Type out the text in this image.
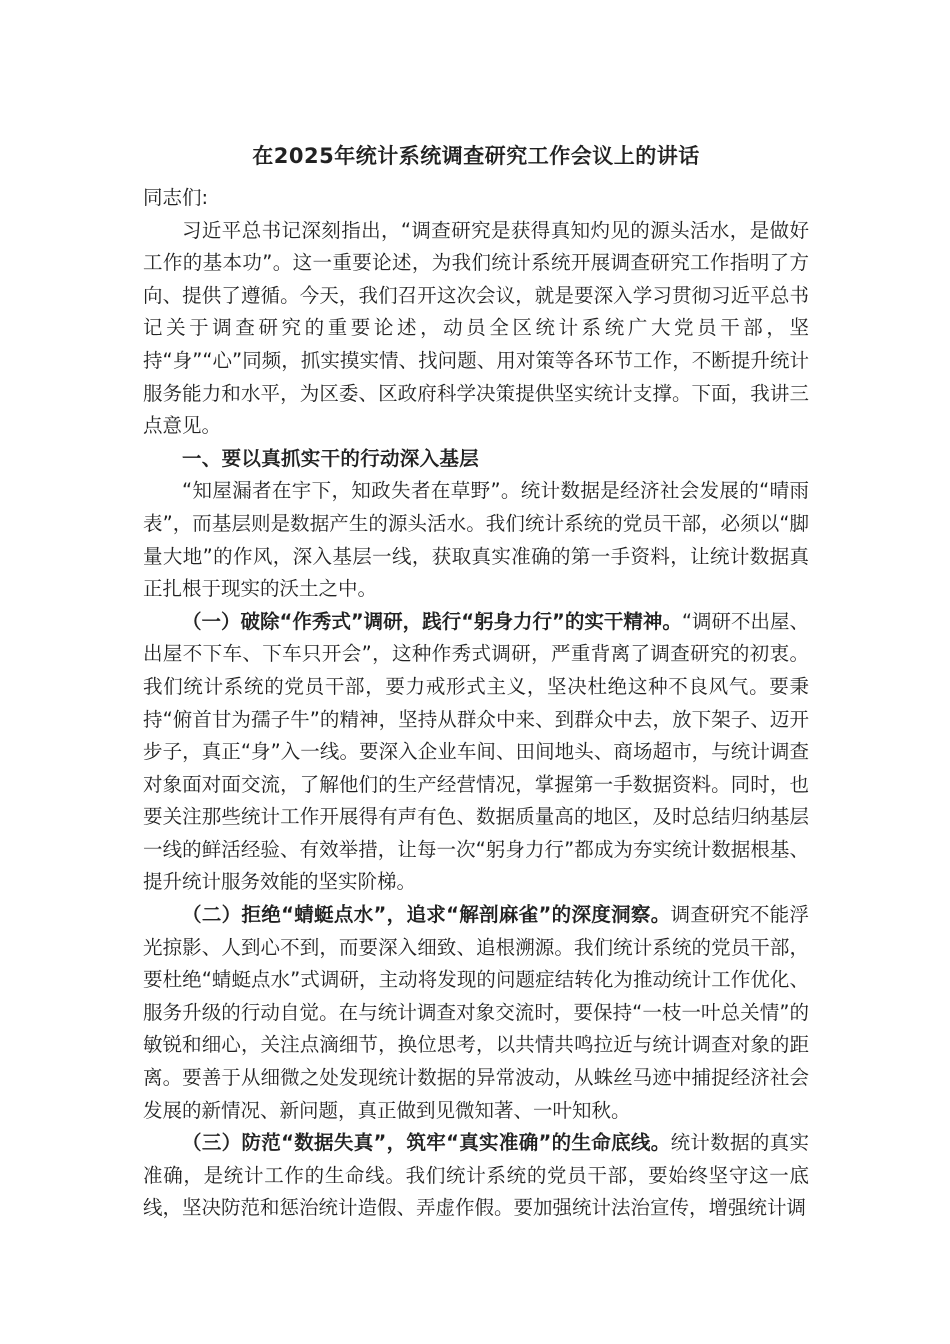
在2025年统计系统调查研究工作会议上的讲话
同志们:

习近平总书记深刻指出，“调查研究是获得真知灼见的源头活水，是做好工作的基本功”。这一重要论述，为我们统计系统开展调查研究工作指明了方向、提供了遵循。今天，我们召开这次会议，就是要深入学习贯彻习近平总书记关于调查研究的重要论述，动员全区统计系统广大党员干部，坚持“身”“心”同频，抓实摸实情、找问题、用对策等各环节工作，不断提升统计服务能力和水平，为区委、区政府科学决策提供坚实统计支撑。下面，我讲三点意见。

一、要以真抓实干的行动深入基层

“知屋漏者在宇下，知政失者在草野”。统计数据是经济社会发展的“晴雨表”，而基层则是数据产生的源头活水。我们统计系统的党员干部，必须以“脚量大地”的作风，深入基层一线，获取真实准确的第一手资料，让统计数据真正扎根于现实的沃土之中。

（一）破除“作秀式”调研，践行“躬身力行”的实干精神。“调研不出屋、出屋不下车、下车只开会”，这种作秀式调研，严重背离了调查研究的初衷。我们统计系统的党员干部，要力戒形式主义，坚决杜绝这种不良风气。要秉持“俯首甘为孺子牛”的精神，坚持从群众中来、到群众中去，放下架子、迈开步子，真正“身”入一线。要深入企业车间、田间地头、商场超市，与统计调查对象面对面交流，了解他们的生产经营情况，掌握第一手数据资料。同时，也要关注那些统计工作开展得有声有色、数据质量高的地区，及时总结归纳基层一线的鲜活经验、有效举措，让每一次“躬身力行”都成为夯实统计数据根基、提升统计服务效能的坚实阶梯。

（二）拒绝“蜻蜓点水”，追求“解剖麻雀”的深度洞察。调查研究不能浮光掠影、人到心不到，而要深入细致、追根溯源。我们统计系统的党员干部，要杜绝“蜻蜓点水”式调研，主动将发现的问题症结转化为推动统计工作优化、服务升级的行动自觉。在与统计调查对象交流时，要保持“一枝一叶总关情”的敏锐和细心，关注点滴细节，换位思考，以共情共鸣拉近与统计调查对象的距离。要善于从细微之处发现统计数据的异常波动，从蛛丝马迹中捕捉经济社会发展的新情况、新问题，真正做到见微知著、一叶知秋。

（三）防范“数据失真”，筑牢“真实准确”的生命底线。统计数据的真实准确，是统计工作的生命线。我们统计系统的党员干部，要始终坚守这一底线，坚决防范和惩治统计造假、弄虚作假。要加强统计法治宣传，增强统计调
